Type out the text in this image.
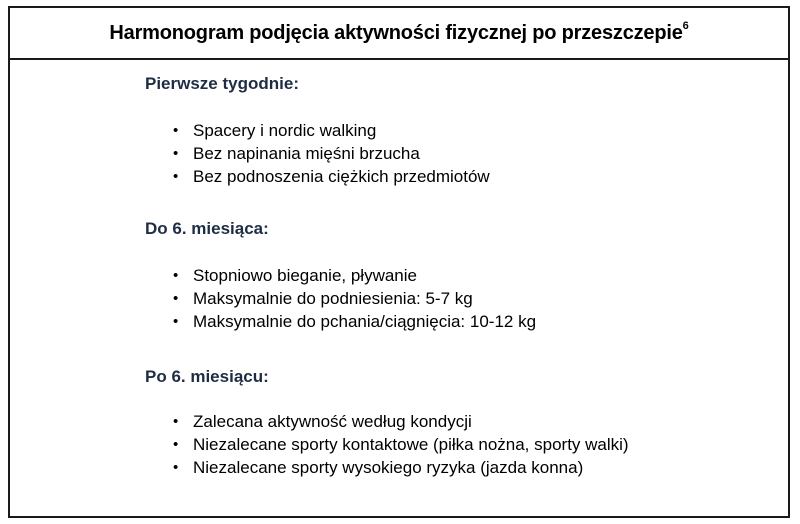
Harmonogram podjęcia aktywności fizycznej po przeszczepie$^6$
Pierwsze tygodnie:
• Spacery i nordic walking
• Bez napinania mięśni brzucha
• Bez podnoszenia ciężkich przedmiotów
Do 6. miesiąca:
• Stopniowo bieganie, pływanie
• Maksymalnie do podniesienia: 5-7 kg
• Maksymalnie do pchania/ciągnięcia: 10-12 kg
Po 6. miesiącu:
• Zalecana aktywność według kondycji
• Niezalecane sporty kontaktowe (piłka nożna, sporty walki)
• Niezalecane sporty wysokiego ryzyka (jazda konna)
